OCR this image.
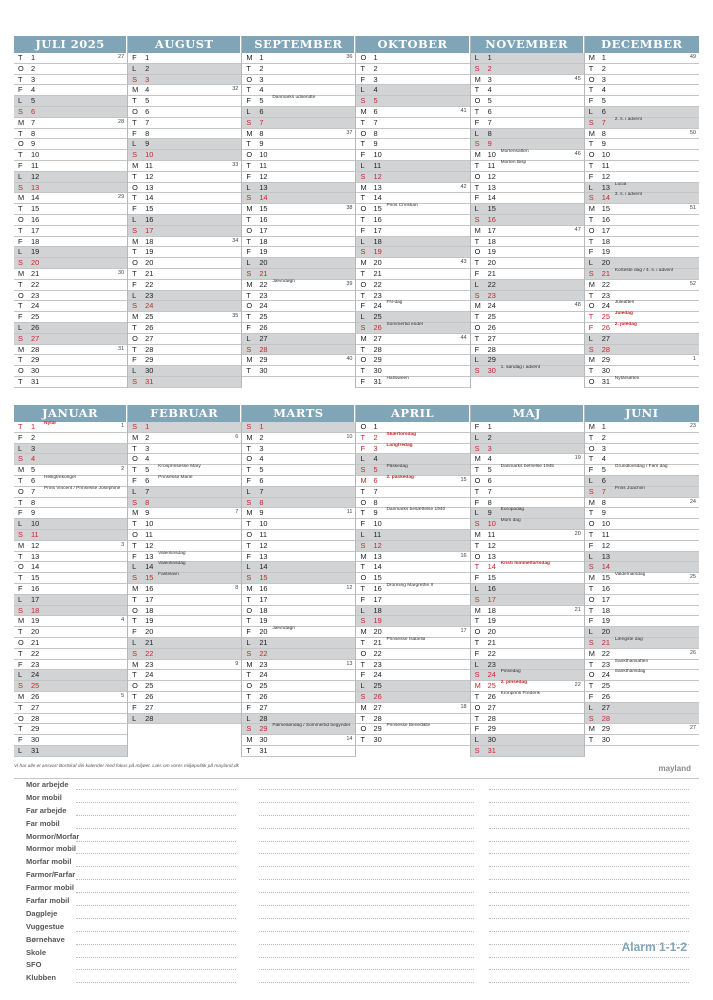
JULI 2025
T 1	27
O 2
T 3
F 4
L 5
S 6
M 7	28
T 8
O 9
T 10
F 11
L 12
S 13
M 14	29
T 15
O 16
T 17
F 18
L 19
S 20
M 21	30
T 22
O 23
T 24
F 25
L 26
S 27
M 28	31
T 29
O 30
T 31
AUGUST
F 1
L 2
S 3
M 4	32
T 5
O 6
T 7
F 8
L 9
S 10
M 11	33
T 12
O 13
T 14
F 15
L 16
S 17
M 18	34
T 19
O 20
T 21
F 22
L 23
S 24
M 25	35
T 26
O 27
T 28
F 29
L 30
S 31
SEPTEMBER
M 1	36
T 2
O 3
T 4
F 5 Danmarks udsendte
L 6
S 7
M 8	37
T 9
O 10
T 11
F 12
L 13
S 14
M 15	38
T 16
O 17
T 18
F 19
L 20
S 21
M 22 Jævndøgn	39
T 23
O 24
T 25
F 26
L 27
S 28
M 29	40
T 30
OKTOBER
O 1
T 2
F 3
L 4
S 5
M 6	41
T 7
O 8
T 9
F 10
L 11
S 12
M 13	42
T 14
O 15 Prins Christian
T 16
F 17
L 18
S 19
M 20	43
T 21
O 22
T 23
F 24 FN-dag
L 25
S 26 Sommertid ender
M 27	44
T 28
O 29
T 30
F 31 Halloween
NOVEMBER
L 1
S 2
M 3	45
T 4
O 5
T 6
F 7
L 8
S 9
M 10 Mortensaften	46
T 11 Morten Bisp
O 12
T 13
F 14
L 15
S 16
M 17	47
T 18
O 19
T 20
F 21
L 22
S 23
M 24	48
T 25
O 26
T 27
F 28
L 29
S 30 1. søndag i advent
DECEMBER
M 1	49
T 2
O 3
T 4
F 5
L 6
S 7 2. s. i advent
M 8	50
T 9
O 10
T 11
F 12
L 13 Lucia
S 14 3. s. i advent
M 15	51
T 16
O 17
T 18
F 19
L 20
S 21 Korteste dag / 4. s. i advent
M 22	52
T 23
O 24 Juleaften
T 25 Juledag
F 26 2. juledag
L 27
S 28
M 29	1
T 30
O 31 Nytårsaften
JANUAR
T 1 Nytår	1
F 2
L 3
S 4
M 5	2
T 6 Helligtrekonger
O 7 Prins Vincent / Prinsesse Josephine
T 8
F 9
L 10
S 11
M 12	3
T 13
O 14
T 15
F 16
L 17
S 18
M 19	4
T 20
O 21
T 22
F 23
L 24
S 25
M 26	5
T 27
O 28
T 29
F 30
L 31
FEBRUAR
S 1
M 2	6
T 3
O 4
T 5 Kronprinsesse Mary
F 6 Prinsesse Marie
L 7
S 8
M 9	7
T 10
O 11
T 12
F 13 Valentinsdag
L 14 Valentinsdag
S 15 Fastelavn
M 16	8
T 17
O 18
T 19
F 20
L 21
S 22
M 23	9
T 24
O 25
T 26
F 27
L 28
MARTS
S 1
M 2	10
T 3
O 4
T 5
F 6
L 7
S 8
M 9	11
T 10
O 11
T 12
F 13
L 14
S 15
M 16	12
T 17
O 18
T 19
F 20 Jævndøgn
L 21
S 22
M 23	13
T 24
O 25
T 26
F 27
L 28
S 29 Palmesøndag / Sommertid begynder
M 30	14
T 31
APRIL
O 1
T 2 Skærtorsdag
F 3 Langfredag
L 4
S 5 Påskedag
M 6 2. påskedag	15
T 7
O 8
T 9 Danmarks besættelse 1940
F 10
L 11
S 12
M 13	16
T 14
O 15
T 16 Dronning Margrethe II
F 17
L 18
S 19
M 20	17
T 21 Prinsesse Isabella
O 22
T 23
F 24
L 25
S 26
M 27	18
T 28
O 29 Prinsesse Benedikte
T 30
MAJ
F 1
L 2
S 3
M 4	19
T 5 Danmarks befrielse 1945
O 6
T 7
F 8
L 9 Europadag
S 10 Mors dag
M 11	20
T 12
O 13
T 14 Kristi himmelfartsdag
F 15
L 16
S 17
M 18	21
T 19
O 20
T 21
F 22
L 23
S 24 Pinsedag
M 25 2. pinsedag	22
T 26 Kronprins Frederik
O 27
T 28
F 29
L 30
S 31
JUNI
M 1	23
T 2
O 3
T 4
F 5 Grundlovsdag / Fars dag
L 6
S 7 Prins Joachim
M 8	24
T 9
O 10
T 11
F 12
L 13
S 14
M 15 Valdemarsdag	25
T 16
O 17
T 18
F 19
L 20
S 21 Længste dag
M 22	26
T 23 Sankthansaften
O 24 Sankthansdag
T 25
F 26
L 27
S 28
M 29	27
T 30
Vi har alle et ansvar! Bortskaf din kalender med fokus på miljøet. Læs om vores miljøpolitik på mayland.dk	mayland
Mor arbejde
Mor mobil
Far arbejde
Far mobil
Mormor/Morfar
Mormor mobil
Morfar mobil
Farmor/Farfar
Farmor mobil
Farfar mobil
Dagpleje
Vuggestue
Børnehave
Skole
SFO
Klubben
Alarm 1-1-2
